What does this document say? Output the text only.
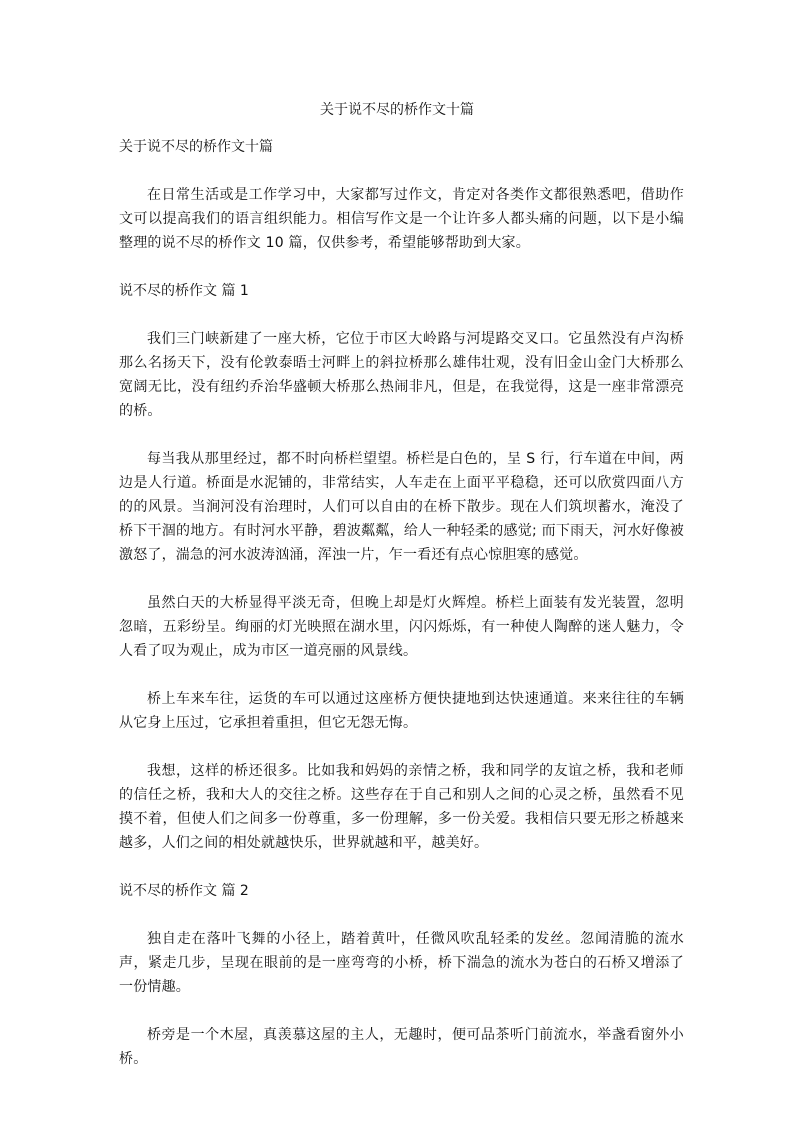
关于说不尽的桥作文十篇

关于说不尽的桥作文十篇

在日常生活或是工作学习中，大家都写过作文，肯定对各类作文都很熟悉吧，借助作文可以提高我们的语言组织能力。相信写作文是一个让许多人都头痛的问题，以下是小编整理的说不尽的桥作文 10 篇，仅供参考，希望能够帮助到大家。

说不尽的桥作文 篇 1

我们三门峡新建了一座大桥，它位于市区大岭路与河堤路交叉口。它虽然没有卢沟桥那么名扬天下，没有伦敦泰晤士河畔上的斜拉桥那么雄伟壮观，没有旧金山金门大桥那么宽阔无比，没有纽约乔治华盛顿大桥那么热闹非凡，但是，在我觉得，这是一座非常漂亮的桥。

每当我从那里经过，都不时向桥栏望望。桥栏是白色的，呈 S 行，行车道在中间，两边是人行道。桥面是水泥铺的，非常结实，人车走在上面平平稳稳，还可以欣赏四面八方的的风景。当涧河没有治理时，人们可以自由的在桥下散步。现在人们筑坝蓄水，淹没了桥下干涸的地方。有时河水平静，碧波粼粼，给人一种轻柔的感觉; 而下雨天，河水好像被激怒了，湍急的河水波涛汹涌，浑浊一片，乍一看还有点心惊胆寒的感觉。

虽然白天的大桥显得平淡无奇，但晚上却是灯火辉煌。桥栏上面装有发光装置，忽明忽暗，五彩纷呈。绚丽的灯光映照在湖水里，闪闪烁烁，有一种使人陶醉的迷人魅力，令人看了叹为观止，成为市区一道亮丽的风景线。

桥上车来车往，运货的车可以通过这座桥方便快捷地到达快速通道。来来往往的车辆从它身上压过，它承担着重担，但它无怨无悔。

我想，这样的桥还很多。比如我和妈妈的亲情之桥，我和同学的友谊之桥，我和老师的信任之桥，我和大人的交往之桥。这些存在于自己和别人之间的心灵之桥，虽然看不见摸不着，但使人们之间多一份尊重，多一份理解，多一份关爱。我相信只要无形之桥越来越多，人们之间的相处就越快乐，世界就越和平，越美好。

说不尽的桥作文 篇 2

独自走在落叶飞舞的小径上，踏着黄叶，任微风吹乱轻柔的发丝。忽闻清脆的流水声，紧走几步，呈现在眼前的是一座弯弯的小桥，桥下湍急的流水为苍白的石桥又增添了一份情趣。

桥旁是一个木屋，真羡慕这屋的主人，无趣时，便可品茶听门前流水，举盏看窗外小桥。
